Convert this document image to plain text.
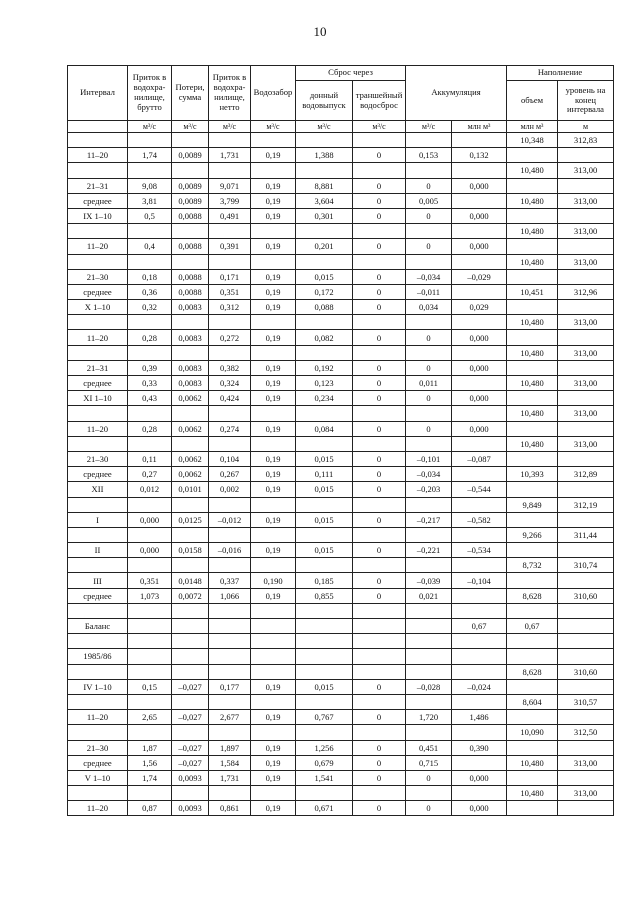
10
Интервал	Приток в водохра-нилище, брутто	Потери, сумма	Приток в водохра-нилище, нетто	Водозабор	Сброс через		Аккумуляция		Наполнение	
					донный водовыпуск	траншейный водосброс			объем	уровень на конец интервала
	м³/с	м³/с	м³/с	м³/с	м³/с	м³/с	м³/с	млн м³	млн м³	м
									10,348	312,83
11–20	1,74	0,0089	1,731	0,19	1,388	0	0,153	0,132		
									10,480	313,00
21–31	9,08	0,0089	9,071	0,19	8,881	0	0	0,000		
среднее	3,81	0,0089	3,799	0,19	3,604	0	0,005		10,480	313,00
IX 1–10	0,5	0,0088	0,491	0,19	0,301	0	0	0,000		
									10,480	313,00
11–20	0,4	0,0088	0,391	0,19	0,201	0	0	0,000		
									10,480	313,00
21–30	0,18	0,0088	0,171	0,19	0,015	0	–0,034	–0,029		
среднее	0,36	0,0088	0,351	0,19	0,172	0	–0,011		10,451	312,96
X 1–10	0,32	0,0083	0,312	0,19	0,088	0	0,034	0,029		
									10,480	313,00
11–20	0,28	0,0083	0,272	0,19	0,082	0	0	0,000		
									10,480	313,00
21–31	0,39	0,0083	0,382	0,19	0,192	0	0	0,000		
среднее	0,33	0,0083	0,324	0,19	0,123	0	0,011		10,480	313,00
XI 1–10	0,43	0,0062	0,424	0,19	0,234	0	0	0,000		
									10,480	313,00
11–20	0,28	0,0062	0,274	0,19	0,084	0	0	0,000		
									10,480	313,00
21–30	0,11	0,0062	0,104	0,19	0,015	0	–0,101	–0,087		
среднее	0,27	0,0062	0,267	0,19	0,111	0	–0,034		10,393	312,89
XII	0,012	0,0101	0,002	0,19	0,015	0	–0,203	–0,544		
									9,849	312,19
I	0,000	0,0125	–0,012	0,19	0,015	0	–0,217	–0,582		
									9,266	311,44
II	0,000	0,0158	–0,016	0,19	0,015	0	–0,221	–0,534		
									8,732	310,74
III	0,351	0,0148	0,337	0,190	0,185	0	–0,039	–0,104		
среднее	1,073	0,0072	1,066	0,19	0,855	0	0,021		8,628	310,60

Баланс								0,67	0,67	

1985/86										
									8,628	310,60
IV 1–10	0,15	–0,027	0,177	0,19	0,015	0	–0,028	–0,024		
									8,604	310,57
11–20	2,65	–0,027	2,677	0,19	0,767	0	1,720	1,486		
									10,090	312,50
21–30	1,87	–0,027	1,897	0,19	1,256	0	0,451	0,390		
среднее	1,56	–0,027	1,584	0,19	0,679	0	0,715		10,480	313,00
V 1–10	1,74	0,0093	1,731	0,19	1,541	0	0	0,000		
									10,480	313,00
11–20	0,87	0,0093	0,861	0,19	0,671	0	0	0,000		
